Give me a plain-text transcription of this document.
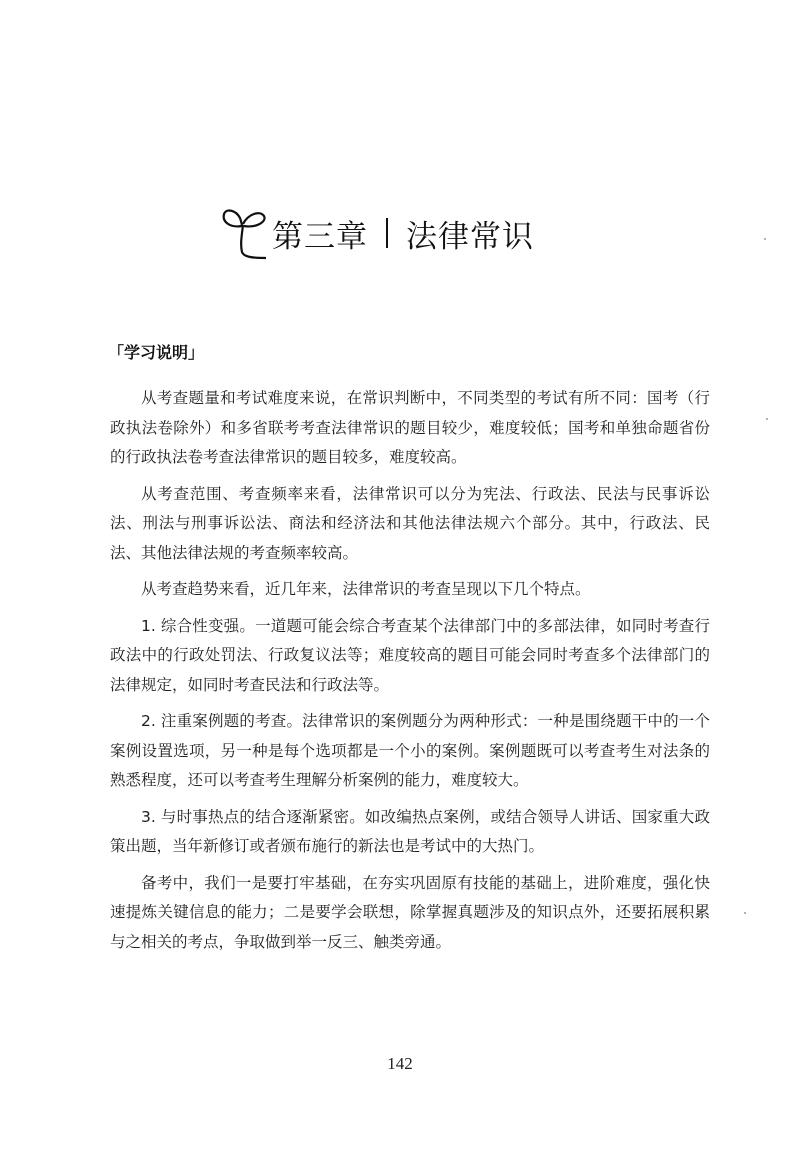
第三章 法律常识
「学习说明」

从考查题量和考试难度来说，在常识判断中，不同类型的考试有所不同：国考（行政执法卷除外）和多省联考考查法律常识的题目较少，难度较低；国考和单独命题省份的行政执法卷考查法律常识的题目较多，难度较高。

从考查范围、考查频率来看，法律常识可以分为宪法、行政法、民法与民事诉讼法、刑法与刑事诉讼法、商法和经济法和其他法律法规六个部分。其中，行政法、民法、其他法律法规的考查频率较高。

从考查趋势来看，近几年来，法律常识的考查呈现以下几个特点。

1. 综合性变强。一道题可能会综合考查某个法律部门中的多部法律，如同时考查行政法中的行政处罚法、行政复议法等；难度较高的题目可能会同时考查多个法律部门的法律规定，如同时考查民法和行政法等。

2. 注重案例题的考查。法律常识的案例题分为两种形式：一种是围绕题干中的一个案例设置选项，另一种是每个选项都是一个小的案例。案例题既可以考查考生对法条的熟悉程度，还可以考查考生理解分析案例的能力，难度较大。

3. 与时事热点的结合逐渐紧密。如改编热点案例，或结合领导人讲话、国家重大政策出题，当年新修订或者颁布施行的新法也是考试中的大热门。

备考中，我们一是要打牢基础，在夯实巩固原有技能的基础上，进阶难度，强化快速提炼关键信息的能力；二是要学会联想，除掌握真题涉及的知识点外，还要拓展积累与之相关的考点，争取做到举一反三、触类旁通。

142
